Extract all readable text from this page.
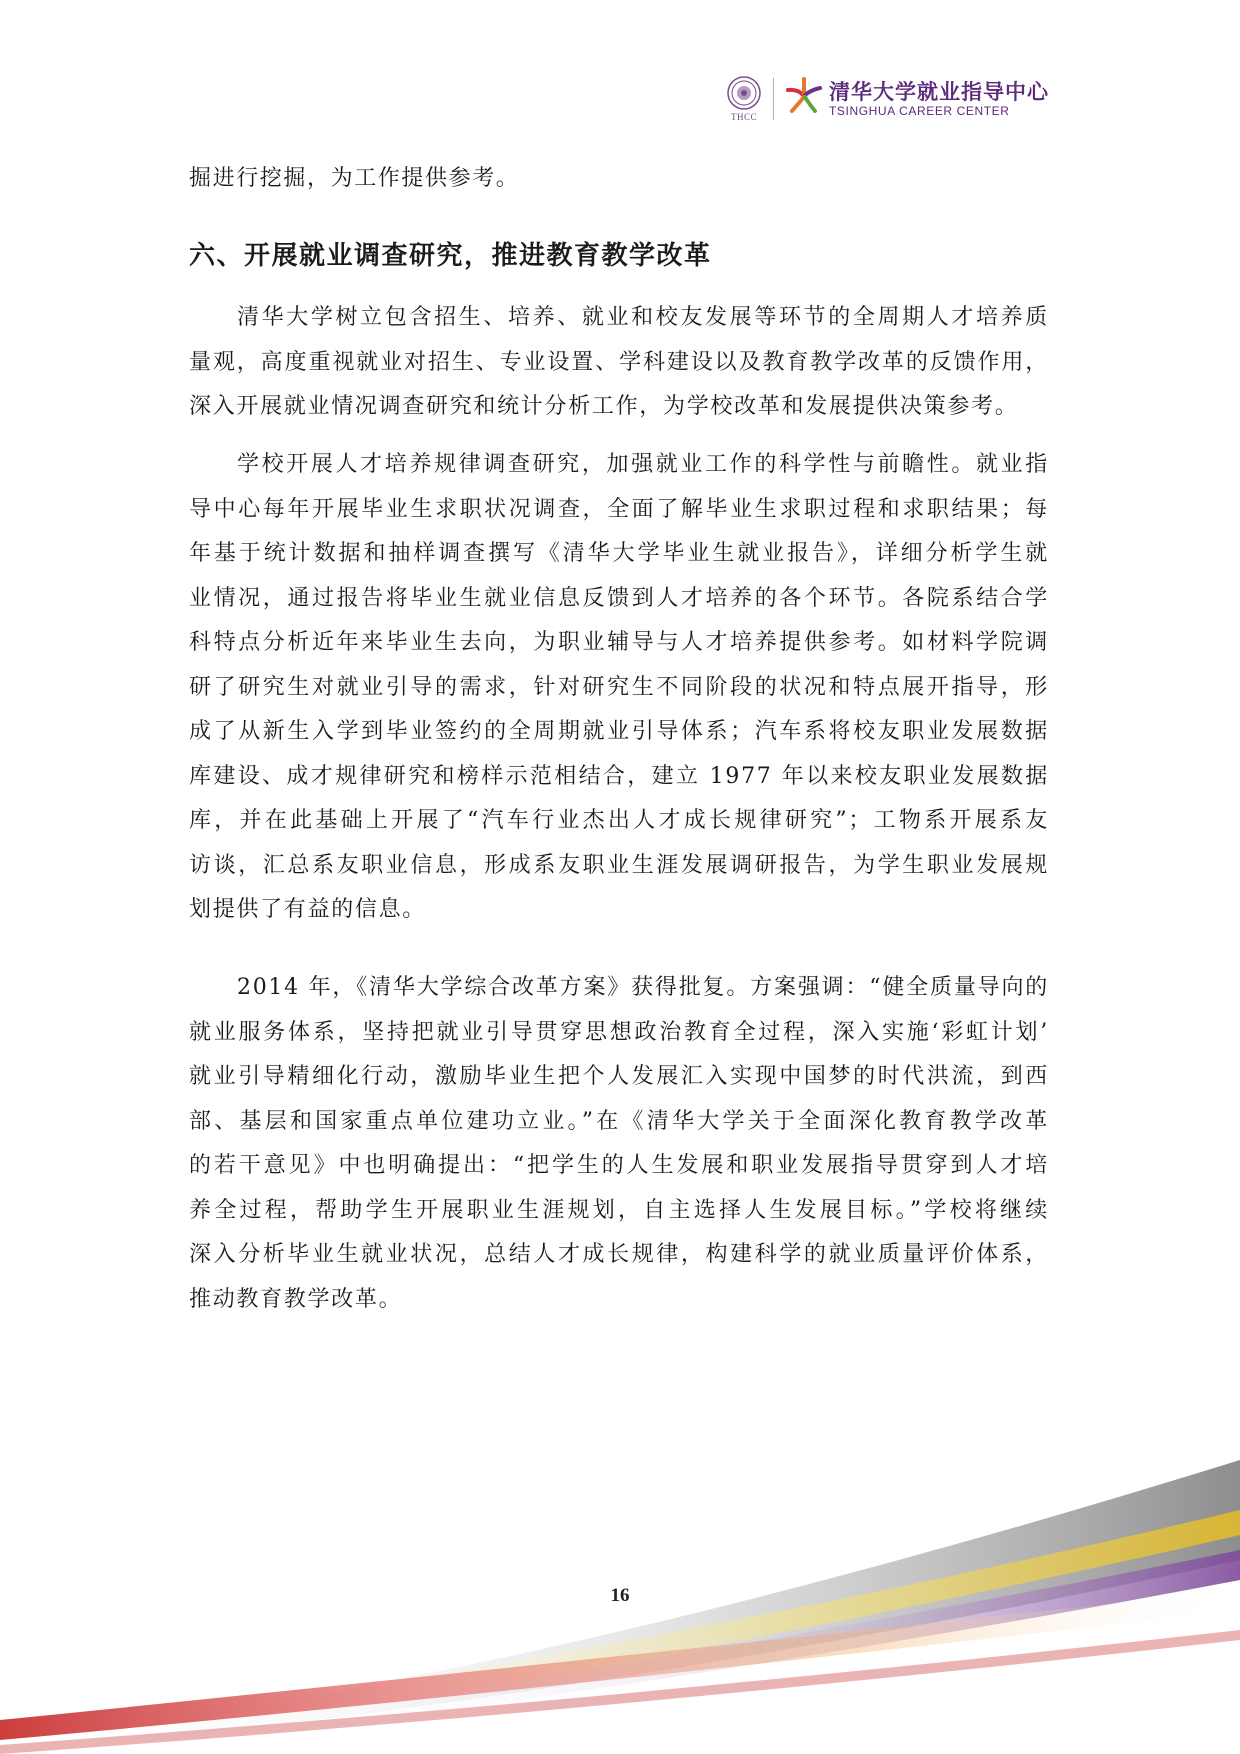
THCC
清华大学就业指导中心
TSINGHUA CAREER CENTER

掘进行挖掘，为工作提供参考。

六、开展就业调查研究，推进教育教学改革

清华大学树立包含招生、培养、就业和校友发展等环节的全周期人才培养质

量观，高度重视就业对招生、专业设置、学科建设以及教育教学改革的反馈作用，

深入开展就业情况调查研究和统计分析工作，为学校改革和发展提供决策参考。

学校开展人才培养规律调查研究，加强就业工作的科学性与前瞻性。就业指

导中心每年开展毕业生求职状况调查，全面了解毕业生求职过程和求职结果；每

年基于统计数据和抽样调查撰写《清华大学毕业生就业报告》，详细分析学生就

业情况，通过报告将毕业生就业信息反馈到人才培养的各个环节。各院系结合学

科特点分析近年来毕业生去向，为职业辅导与人才培养提供参考。如材料学院调

研了研究生对就业引导的需求，针对研究生不同阶段的状况和特点展开指导，形

成了从新生入学到毕业签约的全周期就业引导体系；汽车系将校友职业发展数据

库建设、成才规律研究和榜样示范相结合，建立 1977 年以来校友职业发展数据

库，并在此基础上开展了“汽车行业杰出人才成长规律研究”；工物系开展系友

访谈，汇总系友职业信息，形成系友职业生涯发展调研报告，为学生职业发展规

划提供了有益的信息。

2014 年，《清华大学综合改革方案》获得批复。方案强调：“健全质量导向的

就业服务体系，坚持把就业引导贯穿思想政治教育全过程，深入实施‘彩虹计划’

就业引导精细化行动，激励毕业生把个人发展汇入实现中国梦的时代洪流，到西

部、基层和国家重点单位建功立业。”在《清华大学关于全面深化教育教学改革

的若干意见》中也明确提出：“把学生的人生发展和职业发展指导贯穿到人才培

养全过程，帮助学生开展职业生涯规划，自主选择人生发展目标。”学校将继续

深入分析毕业生就业状况，总结人才成长规律，构建科学的就业质量评价体系，

推动教育教学改革。

16
